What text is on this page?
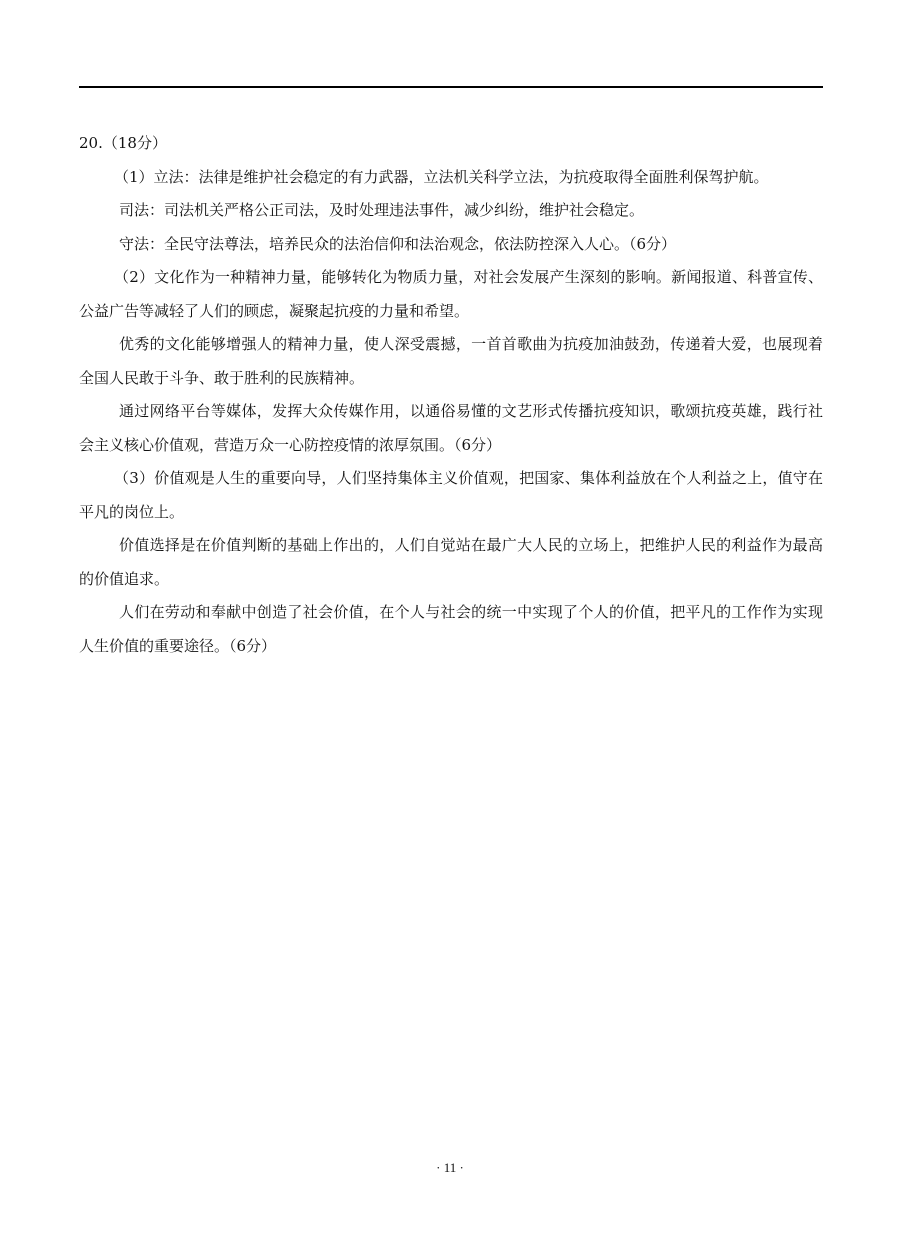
20.（18分）

（1）立法：法律是维护社会稳定的有力武器，立法机关科学立法，为抗疫取得全面胜利保驾护航。

司法：司法机关严格公正司法，及时处理违法事件，减少纠纷，维护社会稳定。

守法：全民守法尊法，培养民众的法治信仰和法治观念，依法防控深入人心。（6分）

（2）文化作为一种精神力量，能够转化为物质力量，对社会发展产生深刻的影响。新闻报道、科普宣传、公益广告等减轻了人们的顾虑，凝聚起抗疫的力量和希望。

优秀的文化能够增强人的精神力量，使人深受震撼，一首首歌曲为抗疫加油鼓劲，传递着大爱，也展现着全国人民敢于斗争、敢于胜利的民族精神。

通过网络平台等媒体，发挥大众传媒作用，以通俗易懂的文艺形式传播抗疫知识，歌颂抗疫英雄，践行社会主义核心价值观，营造万众一心防控疫情的浓厚氛围。（6分）

（3）价值观是人生的重要向导，人们坚持集体主义价值观，把国家、集体利益放在个人利益之上，值守在平凡的岗位上。

价值选择是在价值判断的基础上作出的，人们自觉站在最广大人民的立场上，把维护人民的利益作为最高的价值追求。

人们在劳动和奉献中创造了社会价值，在个人与社会的统一中实现了个人的价值，把平凡的工作作为实现人生价值的重要途径。（6分）

· 11 ·
